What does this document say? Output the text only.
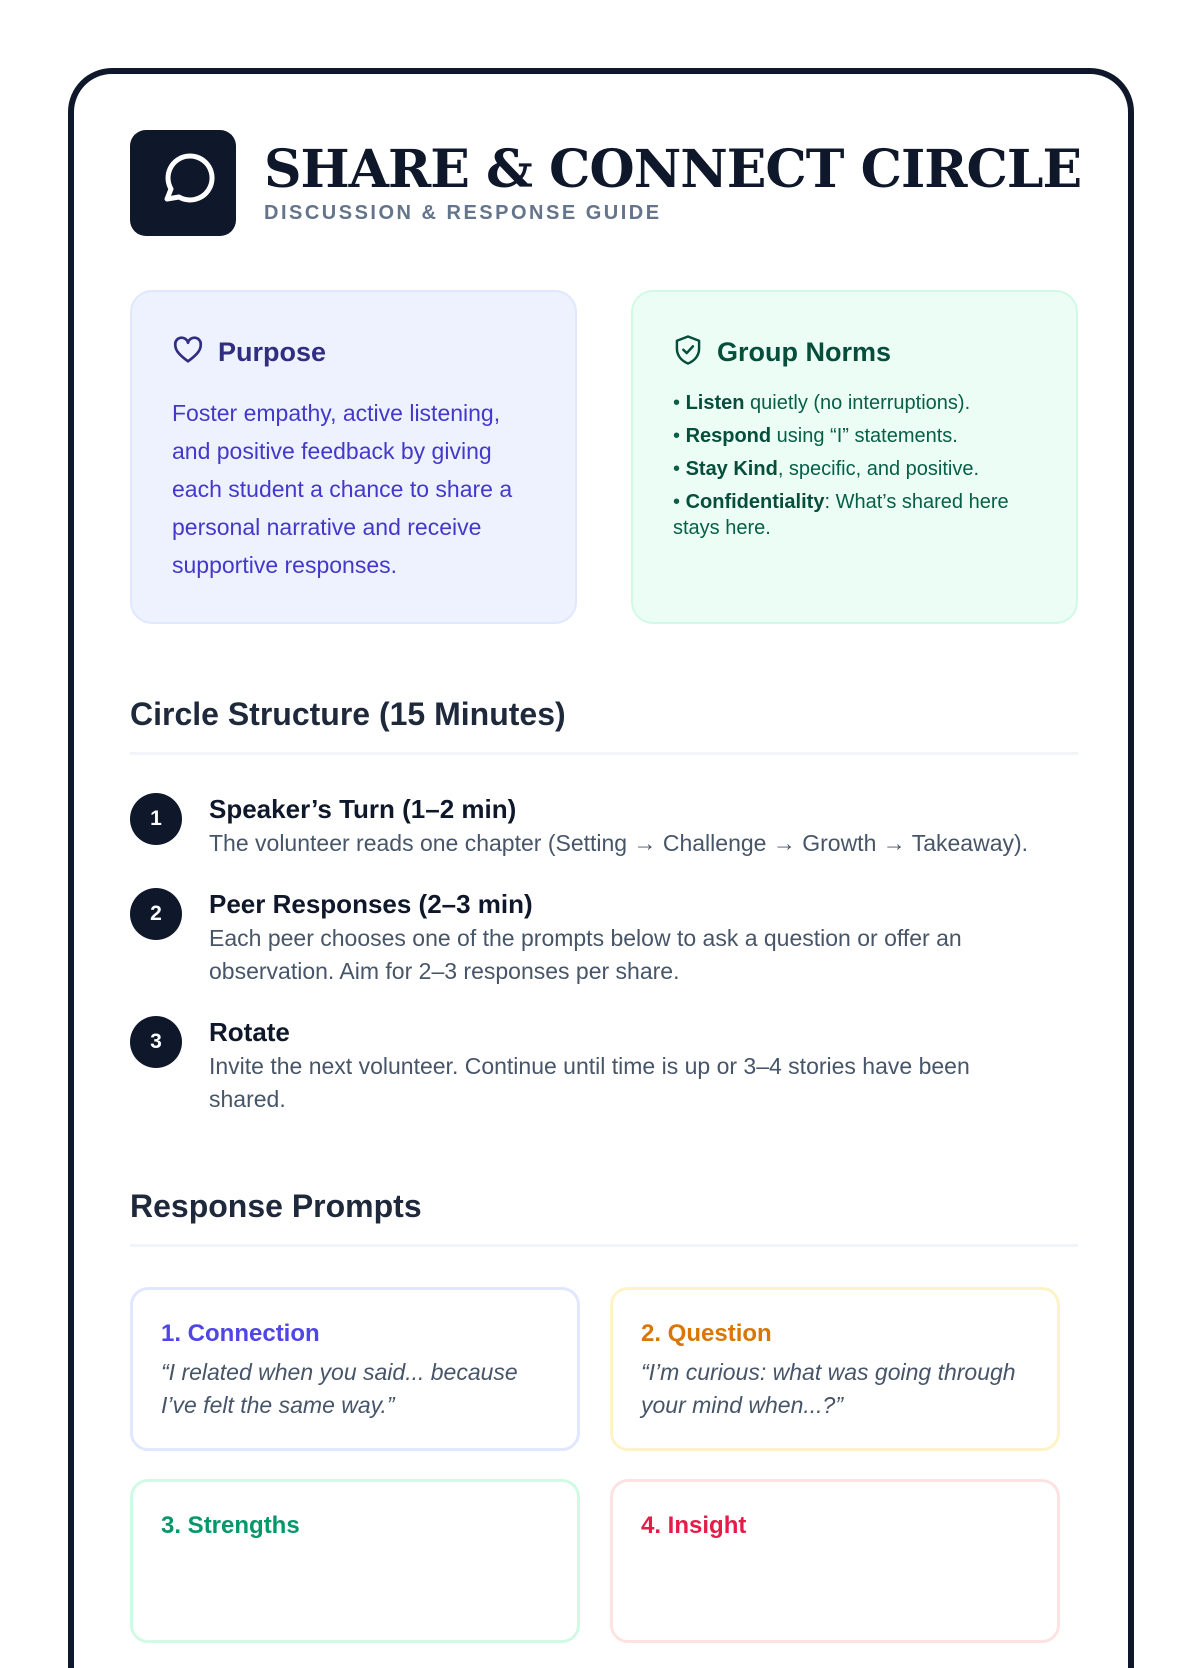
SHARE & CONNECT CIRCLE
DISCUSSION & RESPONSE GUIDE
Purpose
Foster empathy, active listening, and positive feedback by giving each student a chance to share a personal narrative and receive supportive responses.
Group Norms
• Listen quietly (no interruptions).
• Respond using “I” statements.
• Stay Kind, specific, and positive.
• Confidentiality: What’s shared here stays here.
Circle Structure (15 Minutes)
1	Speaker’s Turn (1–2 min)
The volunteer reads one chapter (Setting → Challenge → Growth → Takeaway).
2	Peer Responses (2–3 min)
Each peer chooses one of the prompts below to ask a question or offer an observation. Aim for 2–3 responses per share.
3	Rotate
Invite the next volunteer. Continue until time is up or 3–4 stories have been shared.
Response Prompts
1. Connection
“I related when you said... because I’ve felt the same way.”
2. Question
“I’m curious: what was going through your mind when...?”
3. Strengths	4. Insight
